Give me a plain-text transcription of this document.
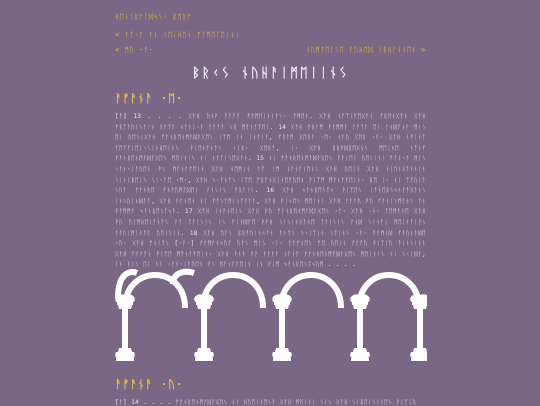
ᚺᛖᚾᛁᛒᚨᛚᛞᛋᛊᚲ ᛒᛖᚱᚨ
< ᚨᛏᚲᚨ ᚨᚾ ᛁᛖᛁᚺᛖᚾ ᚠᚨᛗᛖᛚᛖᛁᚾᛁ
< ᛗᚢ ·ᚨ·	ᚾᚢᛗᛏᛖᚨᛊᛖ ᚹᚢᚺᛖᛞ ᛁᛒᚺᚨᚾᚾᛖᚾ >
ᛒᚱᚲᛊ ᚾᚢᚺᚨᛁᛗᛖᛁᛁᚾᛊ
ᚨᚠᚨᚾᚨ ·ᛖ·
[ᚨ] 13 . . . . ᚷᚨᚺ ᚢᚾᚹ ᚨᚨᚨᚨ ᚠᚨᛗᛖᛁᚾᛁᚹᛊ· ᚨᛗᛖᚾ. ᚷᚨᚺ ᚾᚨᛉᛁᚹᛖᚷᚨᚾ ᚠᚱᛖᚾᚷᚨᚾ ᚷᚨᚺ ᚠᚱᛏᚨᚢᛁᛊᚨᛁᚾ ᚹᚨᛏᚨ ᛃᚨᚾᛁᚲᚨ ᚨᚨᚨᚨ ᛊᚱ ᛗᚨᚾᚨᛉᛖᛁ. 14 ᚷᚨᚺ ᚠᚱᚨᛗ ᚹᚨᛗᛗᚨ ᚨᚨᛏᚨ ᛖᛁ ᚨᚾᛞᚨᚾᚹ ᛗᛁᛊ ᛖᛁ ᚢᛖᛊᛁᚷᚨᚾ ᚠᚨᚾᚱᛖᚾᛗᚨᛞᚨᚷᛖᛊ ᛁᛉᛖ ᛁᚾ ᛁᚾᚨᛁᚨ, ᚠᚱᚨᛗ ᚷᛖᚱᚨ ·ᛖ· ᚾᚨᚢ ᚷᛖᚱ ·ᚨ· ᚷᚨᚺ ᚾᚹᛁᚾᚨ ᚨᛖᛏᚨᛁᛖᛁᚲᛊᛁᚾᚺᛖᛁᚾᛊ ᚹᛁᛖᚾᚨᚾᚨᛊ ·ᛁᛒ· ᚷᛖᚱᚨ, ᛁᚲ ᚷᚨᚺ ᛒᚱᚹᛞᚱᛖᚷᚾᛊ ᛗᛖᛁᚾᛖ ᚾᚨᚾᚠ ᚠᚨᚾᚱᛖᚾᛗᚨᛞᚨᚷᛖᛊ ᛗᛖᛁᚾᛁᛊ ᚾᛁ ᚾᚨᛏᛁᛊᛖᚷᚨᚾ. 15 ᚾᛁ ᚠᚨᚾᚱᛖᚾᛗᚨᛞᚨᚷᛖᛊ ᚹᚨᛁᛖᛁ ᚢᛖᛊᛁᚾᛁ ᚠᚨᚾᚲᚨ ᛗᛁᛊ ᚲᚨᚾᚲᛁᚨᚢᛖᚾ ᚹᛊ ᛗᚨᚾᚨᚠᛖᛁᚾ ᚷᚨᚺ ᚾᛖᛗᛁᚾ ᚨᛏ ᛁᛗ ᚾᚨᚾᚨᛁᛖᚾᛊ ᚷᚨᚺ ᚢᛖᛁᚾ ᚷᚨᚺ ᚾᛁᚢᚾᚷᚨᚾᚾᛁᚾ ᛊᛁᚾᛁᛒᛖᛁᛊ ᛊᛁᚲᚨᛖ ·ᛗ·, ᚷᚨᚺ ᛊᚲᚨᚾᚨᛊ ᛁᛉᛖ ᚠᚱᚨᚾᚷᛁᚾᛖᚨᚢᛖᚾ ᚹᛁᛉᛗ ᛗᚨᚾᚨᚠᛖᛁᚾ· ᚺᛖ ᛁᚲ ᚾᛁ ᛏᚨᚢᛁᚨ ᛊᚢᚨ ᚠᚨᚾᚱᛖ ᚨᚾᚨᚢᛗᚨᛞᛖᛁ ᚨᚾᛊᛁᛊ ᚠᚱᚨᛁᛊ. 16 ᚷᚨᚺ ᛃᚨᚾᚱᛖᛊᛏᛃ ᚹᛁᛉᛖᛊ ᛁᚨᚾᛖᚱᛊᛃᚾᚨᚨᚷᚨᚾᛊ ᛁᚾᛊᚢᛁᚾᛞᚨᚨ, ᚷᚨᚺ ᚹᚨᚾᛖᚾ ᚾᛁ ᚠᚨᛊᛏᛗᛁᛊᛏᚨᚨᚨ, ᚷᚨᚺ ᚹᛁᛃᛖᛊ ᛗᛖᛁᚾᛁ ᚷᚨᚺ ᚨᚨᚨᚢ ᚹᚢ ᚠᚨᚾᛁᛊᛗᚨᚾᛊ ᚨᚾ ᚹᚨᛗᛗᚨ ᛃᚨᚾᚱᛖᛊᛏᛃᚨ. 17 ᚷᚨᚺ ᛁᚾᚨᚾᛖᛁᛊ ᚷᚨᚺ ᚹᚢ ᚠᚨᚾᚱᛖᚾᛗᚨᛞᚨᚷᛖᛊ ·ᚠ· ᚷᚨᚺ ·ᚾ· ᛏᛖᛗᚨᚾᛖ ᚷᚨᚺ ᚹᚢ ᚢᛁᛗᚺᛖᛁᚨᚾᚨᛊ ᚨᛏ ᛏᚨᛁᛊᛁᛊ ᛁᛊ ᚹᛁᚾᛞᚨᛖ ᚹᚨᚺ ᛊᛁᛊᛁᚾᚷᚨᚾᛖ ᛏᚨᛁᛊᛁᛊ ᚨᚾᛞ ᛊᛁᚾᚨᛁ ᛗᛖᛁᚾᚨᛁᚹᛊ ᚨᚨᚢᛁᛗᛁᚾᚨᚢ ᚢᛖᛁᛊᛁᚾ. 18 ᚷᚨᚺ ᚢᚨᛊ ᛒᚱᚨᚢᛁᚾᛃᚨᚾ ᚨᚾᛏᛊ ᛊᚲᛁᛉᛁᚾ ᛊᛏᛁᚾᛊ ·ᚨ· ᚨᚨᛗᛁᛞ ᚠᚨᚢᚾᚨᛞᛖ ·ᚢ· ᚷᚨᚺ ᚠᚾᛁᛏᛊ [·ᚨ·] ᚠᚨᛗᚨᚾᛃᚢᚨ ᚢᚨᛊ ᛗᛁᛊ ·ᛁ· ᚨᚨᚠᚾᛖᛊ ᚠᛖ ᚢᛖᛁᚾ ᚨᚨᚨᚢ ᚹᛁᛉᛁᚢ ᚨᛁᚾᛊᛁᚾᚾ ᚷᚨᚺ ᚨᚨᚨᚨᚾ ᚹᛁᛉᛖ ᛗᚨᚾᚨᚠᛖᛁᚾ· ᚷᚨᚺ ᚨᚾᚨ ᚹᚨ ᚨᚨᚨᚨ ᚾᚨᚾᚠ ᚠᚨᚾᚱᛖᚾᛗᚨᛞᚨᚷᛖᛊ ᛗᛖᛁᚾᛁᛊ ᚾᛁ ᛊᚲᛁᛞᚨ, ᛁᚾ ᚹᛁᛊ ᛖᛁ ᚾᛁ ᚲᚨᚾᚲᛁᚨᚢᛖᚾ ᚹᛊ ᛗᚨᚾᚨᚠᛖᛁᚾ ᛁᚾ ᚹᛁᛗ ᛃᚨᚾᚱᛖᛊᛏᛃᚢᛗ . . . .
ᚨᚠᚨᚾᚨ ·ᚢ·
[ᚨ] 14 . . . . ᚠᚨᚾᚱᛖᚾᛗᚨᛞᚨᚷᛖᛊ ᚾᛁ ᚺᚢᛖᛁᚾᛖᛊᚨ ᚷᚨᚺ ᛗᛖᛁᚾᛁ ᛊᛁᛊ ᚷᚨᚺ ᛊᛁᛒᛖᛁᛊᛁᚾᛖᛊ ᚹᛁᛉᛁᚢ
